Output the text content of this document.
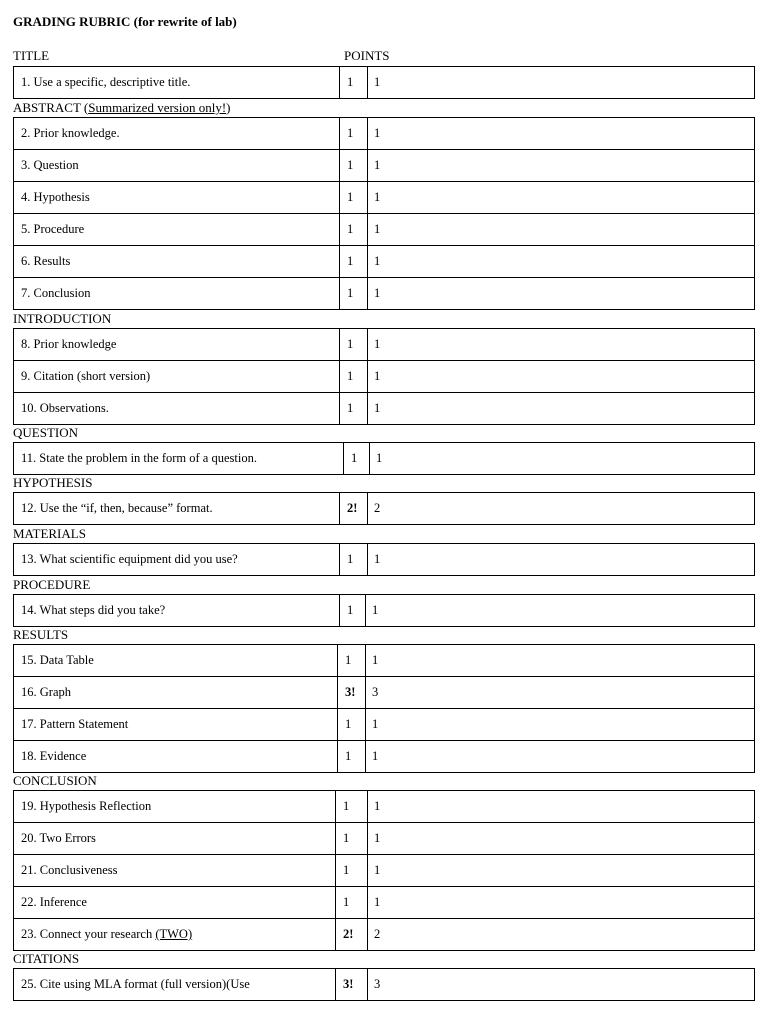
GRADING RUBRIC (for rewrite of lab)
TITLE	POINTS
1. Use a specific, descriptive title.	1	1
ABSTRACT (Summarized version only!)
2. Prior knowledge.	1	1
3. Question	1	1
4. Hypothesis	1	1
5. Procedure	1	1
6. Results	1	1
7. Conclusion	1	1
INTRODUCTION
8. Prior knowledge	1	1
9. Citation (short version)	1	1
10. Observations.	1	1
QUESTION
11. State the problem in the form of a question.	1	1
HYPOTHESIS
12. Use the “if, then, because” format.	2!	2
MATERIALS
13. What scientific equipment did you use?	1	1
PROCEDURE
14. What steps did you take?	1	1
RESULTS
15. Data Table	1	1
16. Graph	3!	3
17. Pattern Statement	1	1
18. Evidence	1	1
CONCLUSION
19. Hypothesis Reflection	1	1
20. Two Errors	1	1
21. Conclusiveness	1	1
22. Inference	1	1
23. Connect your research (TWO)	2!	2
CITATIONS
25. Cite using MLA format (full version)(Use	3!	3
